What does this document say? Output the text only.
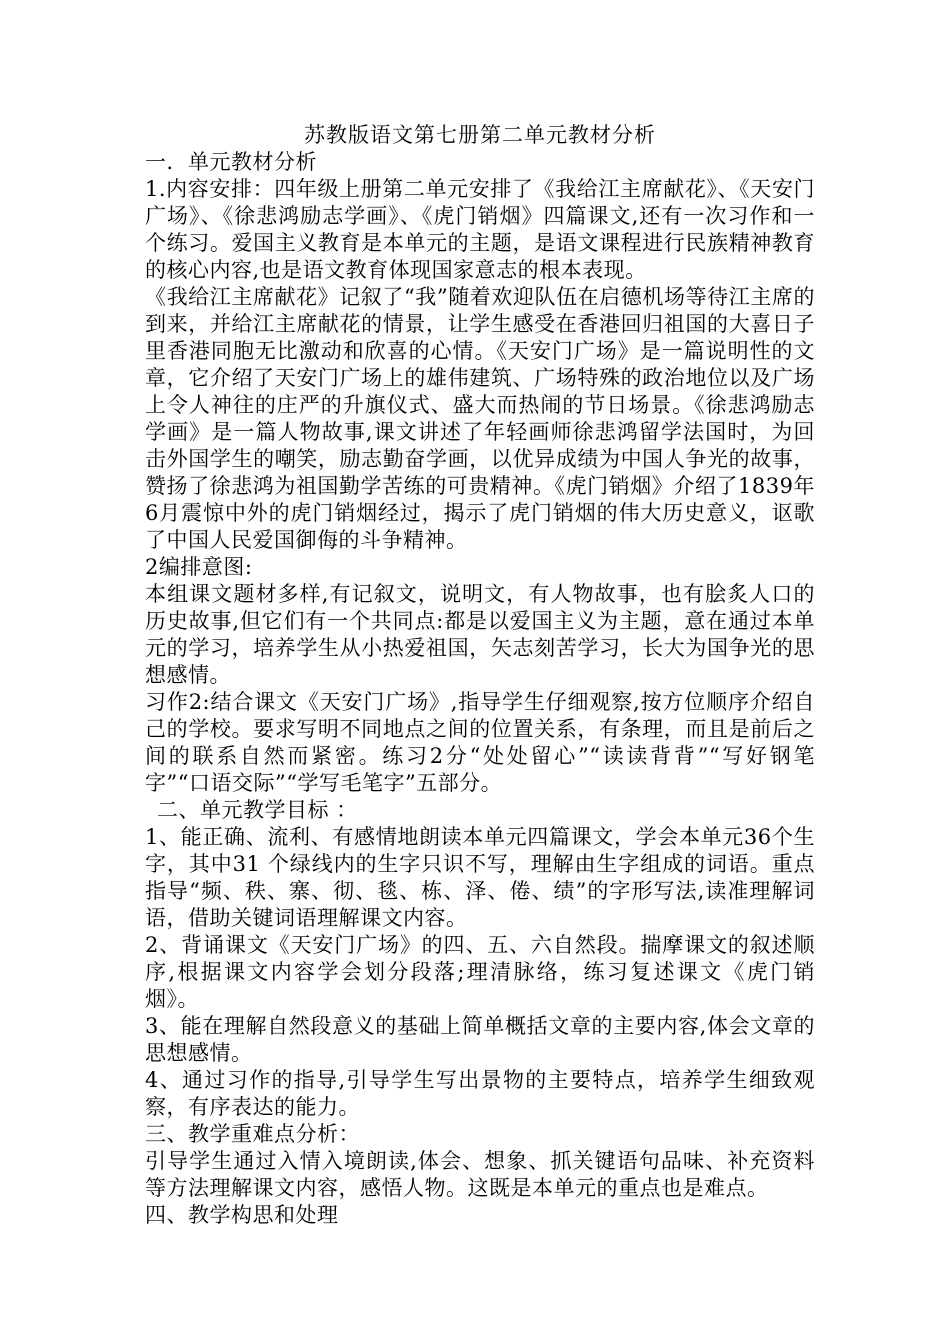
苏教版语文第七册第二单元教材分析

一．单元教材分析

1.内容安排：四年级上册第二单元安排了《我给江主席献花》、《天安门广场》、《徐悲鸿励志学画》、《虎门销烟》四篇课文,还有一次习作和一个练习。爱国主义教育是本单元的主题，是语文课程进行民族精神教育的核心内容,也是语文教育体现国家意志的根本表现。

《我给江主席献花》记叙了“我”随着欢迎队伍在启德机场等待江主席的到来，并给江主席献花的情景，让学生感受在香港回归祖国的大喜日子里香港同胞无比激动和欣喜的心情。《天安门广场》是一篇说明性的文章，它介绍了天安门广场上的雄伟建筑、广场特殊的政治地位以及广场上令人神往的庄严的升旗仪式、盛大而热闹的节日场景。《徐悲鸿励志学画》是一篇人物故事,课文讲述了年轻画师徐悲鸿留学法国时，为回击外国学生的嘲笑，励志勤奋学画，以优异成绩为中国人争光的故事，赞扬了徐悲鸿为祖国勤学苦练的可贵精神。《虎门销烟》介绍了1839年6月震惊中外的虎门销烟经过，揭示了虎门销烟的伟大历史意义，讴歌了中国人民爱国御侮的斗争精神。

2编排意图:

本组课文题材多样,有记叙文，说明文，有人物故事，也有脍炙人口的历史故事,但它们有一个共同点:都是以爱国主义为主题，意在通过本单元的学习，培养学生从小热爱祖国，矢志刻苦学习，长大为国争光的思想感情。

习作2:结合课文《天安门广场》,指导学生仔细观察,按方位顺序介绍自己的学校。要求写明不同地点之间的位置关系，有条理，而且是前后之间的联系自然而紧密。练习2分“处处留心”“读读背背”“写好钢笔字”“口语交际”“学写毛笔字”五部分。

二、单元教学目标 ：

1、能正确、流利、有感情地朗读本单元四篇课文，学会本单元36个生字，其中31 个绿线内的生字只识不写，理解由生字组成的词语。重点指导“频、秩、寨、彻、毯、栋、泽、倦、绩”的字形写法,读准理解词语，借助关键词语理解课文内容。

2、背诵课文《天安门广场》的四、五、六自然段。揣摩课文的叙述顺序,根据课文内容学会划分段落;理清脉络，练习复述课文《虎门销烟》。

3、能在理解自然段意义的基础上简单概括文章的主要内容,体会文章的思想感情。

4、通过习作的指导,引导学生写出景物的主要特点，培养学生细致观察，有序表达的能力。

三、教学重难点分析：

引导学生通过入情入境朗读,体会、想象、抓关键语句品味、补充资料等方法理解课文内容，感悟人物。这既是本单元的重点也是难点。

四、教学构思和处理
